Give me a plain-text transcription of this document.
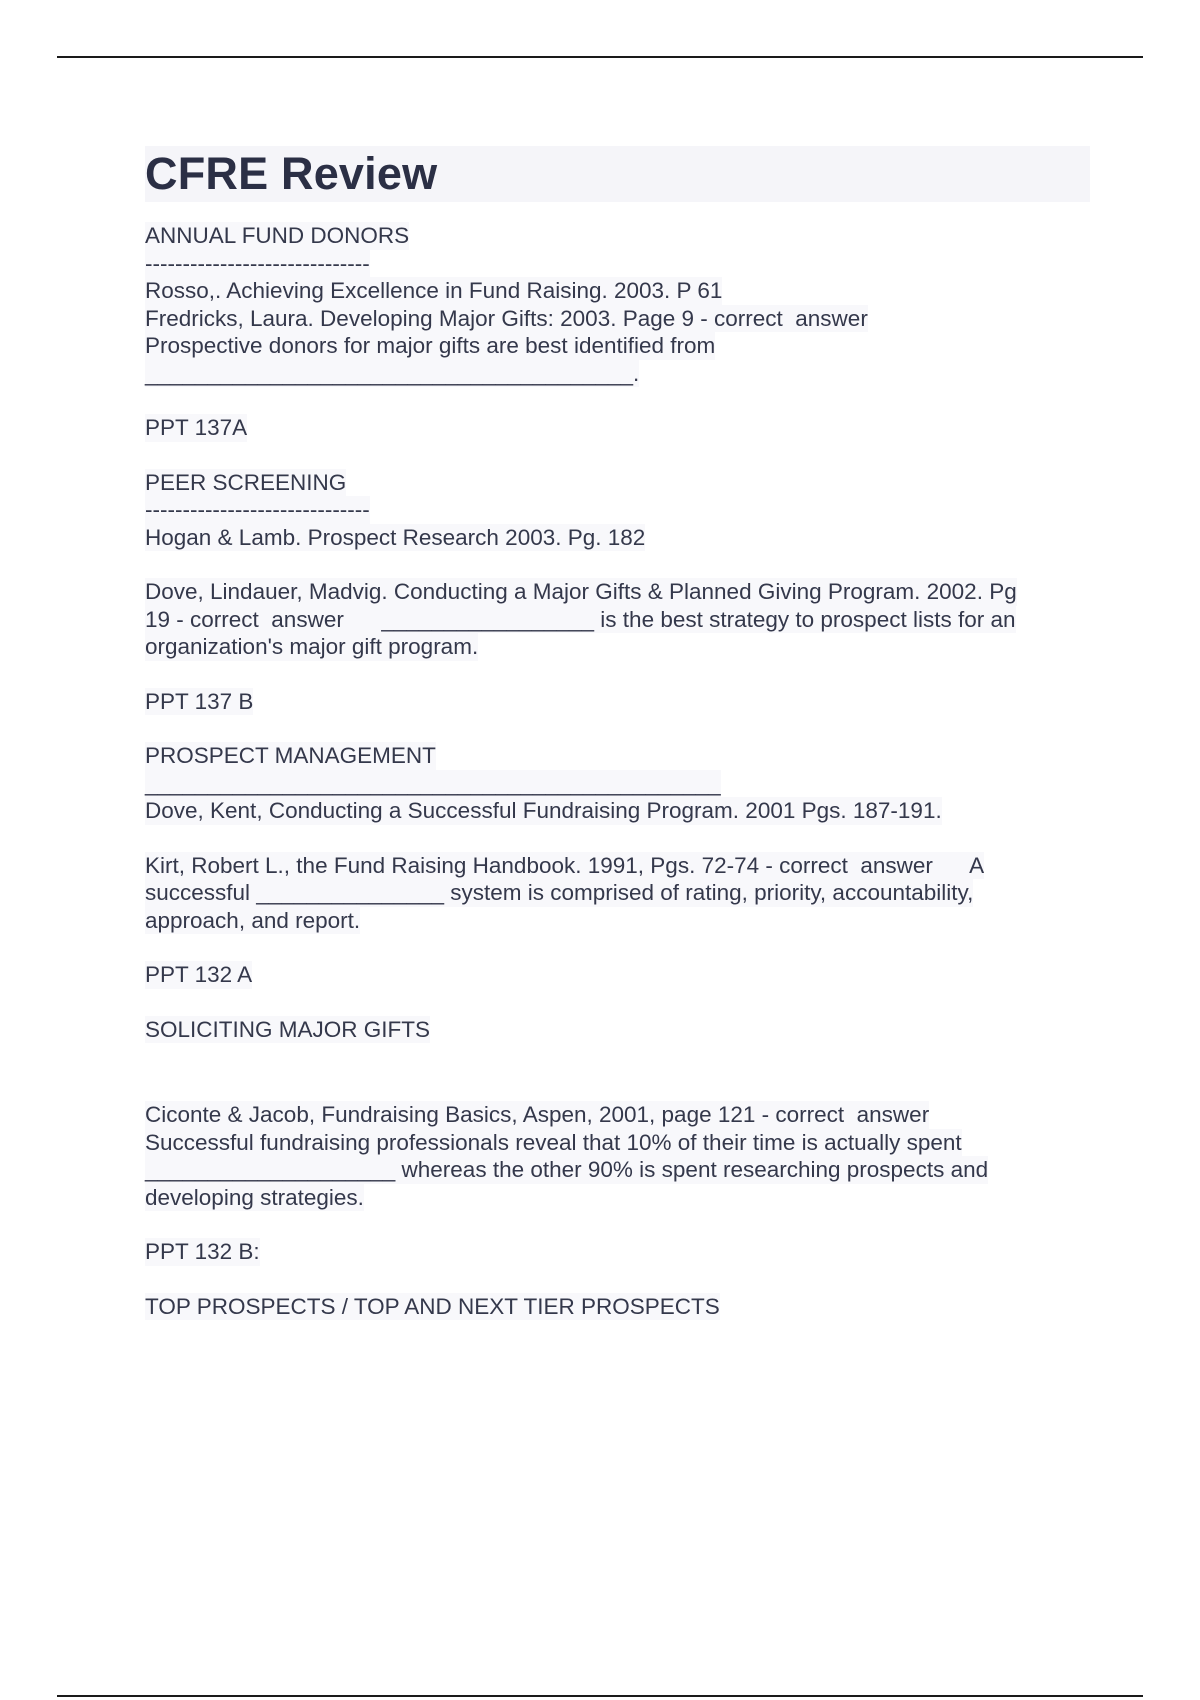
CFRE Review
ANNUAL FUND DONORS
------------------------------
Rosso,. Achieving Excellence in Fund Raising. 2003. P 61
Fredricks, Laura. Developing Major Gifts: 2003. Page 9 - correct  answer
Prospective donors for major gifts are best identified from
_______________________________________.
PPT 137A
PEER SCREENING
------------------------------
Hogan & Lamb. Prospect Research 2003. Pg. 182
Dove, Lindauer, Madvig. Conducting a Major Gifts & Planned Giving Program. 2002. Pg
19 - correct  answer      _________________ is the best strategy to prospect lists for an
organization's major gift program.
PPT 137 B
PROSPECT MANAGEMENT
______________________________________________
Dove, Kent, Conducting a Successful Fundraising Program. 2001 Pgs. 187-191.
Kirt, Robert L., the Fund Raising Handbook. 1991, Pgs. 72-74 - correct  answer      A
successful _______________ system is comprised of rating, priority, accountability,
approach, and report.
PPT 132 A
SOLICITING MAJOR GIFTS
Ciconte & Jacob, Fundraising Basics, Aspen, 2001, page 121 - correct  answer
Successful fundraising professionals reveal that 10% of their time is actually spent
____________________ whereas the other 90% is spent researching prospects and
developing strategies.
PPT 132 B:
TOP PROSPECTS / TOP AND NEXT TIER PROSPECTS
